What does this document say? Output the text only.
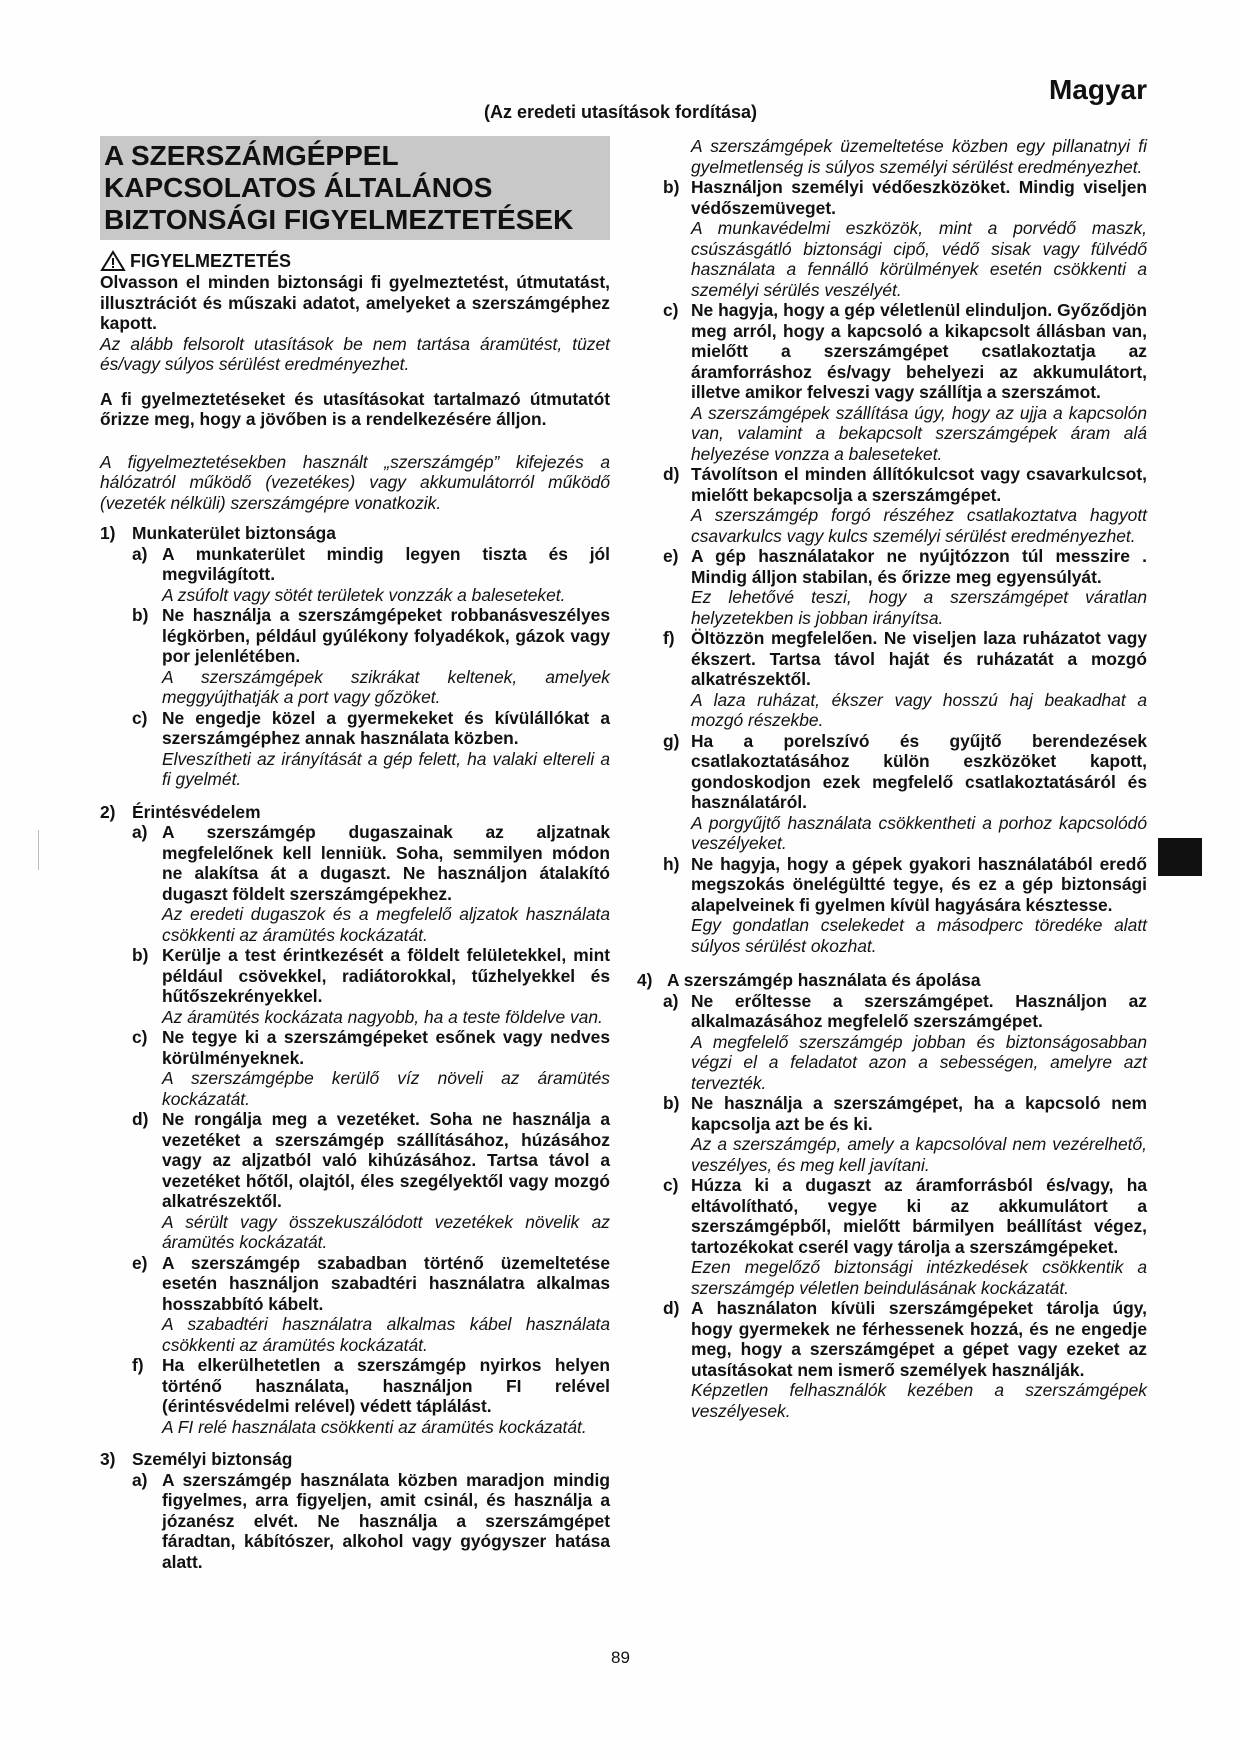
Magyar
(Az eredeti utasítások fordítása)
A SZERSZÁMGÉPPEL
KAPCSOLATOS ÁLTALÁNOS
BIZTONSÁGI FIGYELMEZTETÉSEK
FIGYELMEZTETÉS

Olvasson el minden biztonsági fi gyelmeztetést, útmutatást, illusztrációt és műszaki adatot, amelyeket a szerszámgéphez kapott.

Az alább felsorolt utasítások be nem tartása áramütést, tüzet és/vagy súlyos sérülést eredményezhet.

A fi gyelmeztetéseket és utasításokat tartalmazó útmutatót őrizze meg, hogy a jövőben is a rendelkezésére álljon.

A figyelmeztetésekben használt „szerszámgép” kifejezés a hálózatról működő (vezetékes) vagy akkumulátorról működő (vezeték nélküli) szerszámgépre vonatkozik.

1) Munkaterület biztonsága
a) A munkaterület mindig legyen tiszta és jól megvilágított.

A zsúfolt vagy sötét területek vonzzák a baleseteket.

b) Ne használja a szerszámgépeket robbanásveszélyes légkörben, például gyúlékony folyadékok, gázok vagy por jelenlétében.

A szerszámgépek szikrákat keltenek, amelyek meggyújthatják a port vagy gőzöket.

c) Ne engedje közel a gyermekeket és kívülállókat a szerszámgéphez annak használata közben.

Elveszítheti az irányítását a gép felett, ha valaki eltereli a fi gyelmét.

2) Érintésvédelem
a) A szerszámgép dugaszainak az aljzatnak megfelelőnek kell lenniük. Soha, semmilyen módon ne alakítsa át a dugaszt. Ne használjon átalakító dugaszt földelt szerszámgépekhez.

Az eredeti dugaszok és a megfelelő aljzatok használata csökkenti az áramütés kockázatát.

b) Kerülje a test érintkezését a földelt felületekkel, mint például csövekkel, radiátorokkal, tűzhelyekkel és hűtőszekrényekkel.

Az áramütés kockázata nagyobb, ha a teste földelve van.

c) Ne tegye ki a szerszámgépeket esőnek vagy nedves körülményeknek.

A szerszámgépbe kerülő víz növeli az áramütés kockázatát.

d) Ne rongálja meg a vezetéket. Soha ne használja a vezetéket a szerszámgép szállításához, húzásához vagy az aljzatból való kihúzásához. Tartsa távol a vezetéket hőtől, olajtól, éles szegélyektől vagy mozgó alkatrészektől.

A sérült vagy összekuszálódott vezetékek növelik az áramütés kockázatát.

e) A szerszámgép szabadban történő üzemeltetése esetén használjon szabadtéri használatra alkalmas hosszabbító kábelt.

A szabadtéri használatra alkalmas kábel használata csökkenti az áramütés kockázatát.

f) Ha elkerülhetetlen a szerszámgép nyirkos helyen történő használata, használjon FI relével (érintésvédelmi relével) védett táplálást.

A FI relé használata csökkenti az áramütés kockázatát.

3) Személyi biztonság
a) A szerszámgép használata közben maradjon mindig figyelmes, arra figyeljen, amit csinál, és használja a józanész elvét. Ne használja a szerszámgépet fáradtan, kábítószer, alkohol vagy gyógyszer hatása alatt.

A szerszámgépek üzemeltetése közben egy pillanatnyi fi gyelmetlenség is súlyos személyi sérülést eredményezhet.

b) Használjon személyi védőeszközöket. Mindig viseljen védőszemüveget.

A munkavédelmi eszközök, mint a porvédő maszk, csúszásgátló biztonsági cipő, védő sisak vagy fülvédő használata a fennálló körülmények esetén csökkenti a személyi sérülés veszélyét.

c) Ne hagyja, hogy a gép véletlenül elinduljon. Győződjön meg arról, hogy a kapcsoló a kikapcsolt állásban van, mielőtt a szerszámgépet csatlakoztatja az áramforráshoz és/vagy behelyezi az akkumulátort, illetve amikor felveszi vagy szállítja a szerszámot.

A szerszámgépek szállítása úgy, hogy az ujja a kapcsolón van, valamint a bekapcsolt szerszámgépek áram alá helyezése vonzza a baleseteket.

d) Távolítson el minden állítókulcsot vagy csavarkulcsot, mielőtt bekapcsolja a szerszámgépet.

A szerszámgép forgó részéhez csatlakoztatva hagyott csavarkulcs vagy kulcs személyi sérülést eredményezhet.

e) A gép használatakor ne nyújtózzon túl messzire . Mindig álljon stabilan, és őrizze meg egyensúlyát.

Ez lehetővé teszi, hogy a szerszámgépet váratlan helyzetekben is jobban irányítsa.

f) Öltözzön megfelelően. Ne viseljen laza ruházatot vagy ékszert. Tartsa távol haját és ruházatát a mozgó alkatrészektől.

A laza ruházat, ékszer vagy hosszú haj beakadhat a mozgó részekbe.

g) Ha a porelszívó és gyűjtő berendezések csatlakoztatásához külön eszközöket kapott, gondoskodjon ezek megfelelő csatlakoztatásáról és használatáról.

A porgyűjtő használata csökkentheti a porhoz kapcsolódó veszélyeket.

h) Ne hagyja, hogy a gépek gyakori használatából eredő megszokás önelégültté tegye, és ez a gép biztonsági alapelveinek fi gyelmen kívül hagyására késztesse.

Egy gondatlan cselekedet a másodperc töredéke alatt súlyos sérülést okozhat.

4) A szerszámgép használata és ápolása
a) Ne erőltesse a szerszámgépet. Használjon az alkalmazásához megfelelő szerszámgépet.

A megfelelő szerszámgép jobban és biztonságosabban végzi el a feladatot azon a sebességen, amelyre azt tervezték.

b) Ne használja a szerszámgépet, ha a kapcsoló nem kapcsolja azt be és ki.

Az a szerszámgép, amely a kapcsolóval nem vezérelhető, veszélyes, és meg kell javítani.

c) Húzza ki a dugaszt az áramforrásból és/vagy, ha eltávolítható, vegye ki az akkumulátort a szerszámgépből, mielőtt bármilyen beállítást végez, tartozékokat cserél vagy tárolja a szerszámgépeket.

Ezen megelőző biztonsági intézkedések csökkentik a szerszámgép véletlen beindulásának kockázatát.

d) A használaton kívüli szerszámgépeket tárolja úgy, hogy gyermekek ne férhessenek hozzá, és ne engedje meg, hogy a szerszámgépet a gépet vagy ezeket az utasításokat nem ismerő személyek használják.

Képzetlen felhasználók kezében a szerszámgépek veszélyesek.

89
